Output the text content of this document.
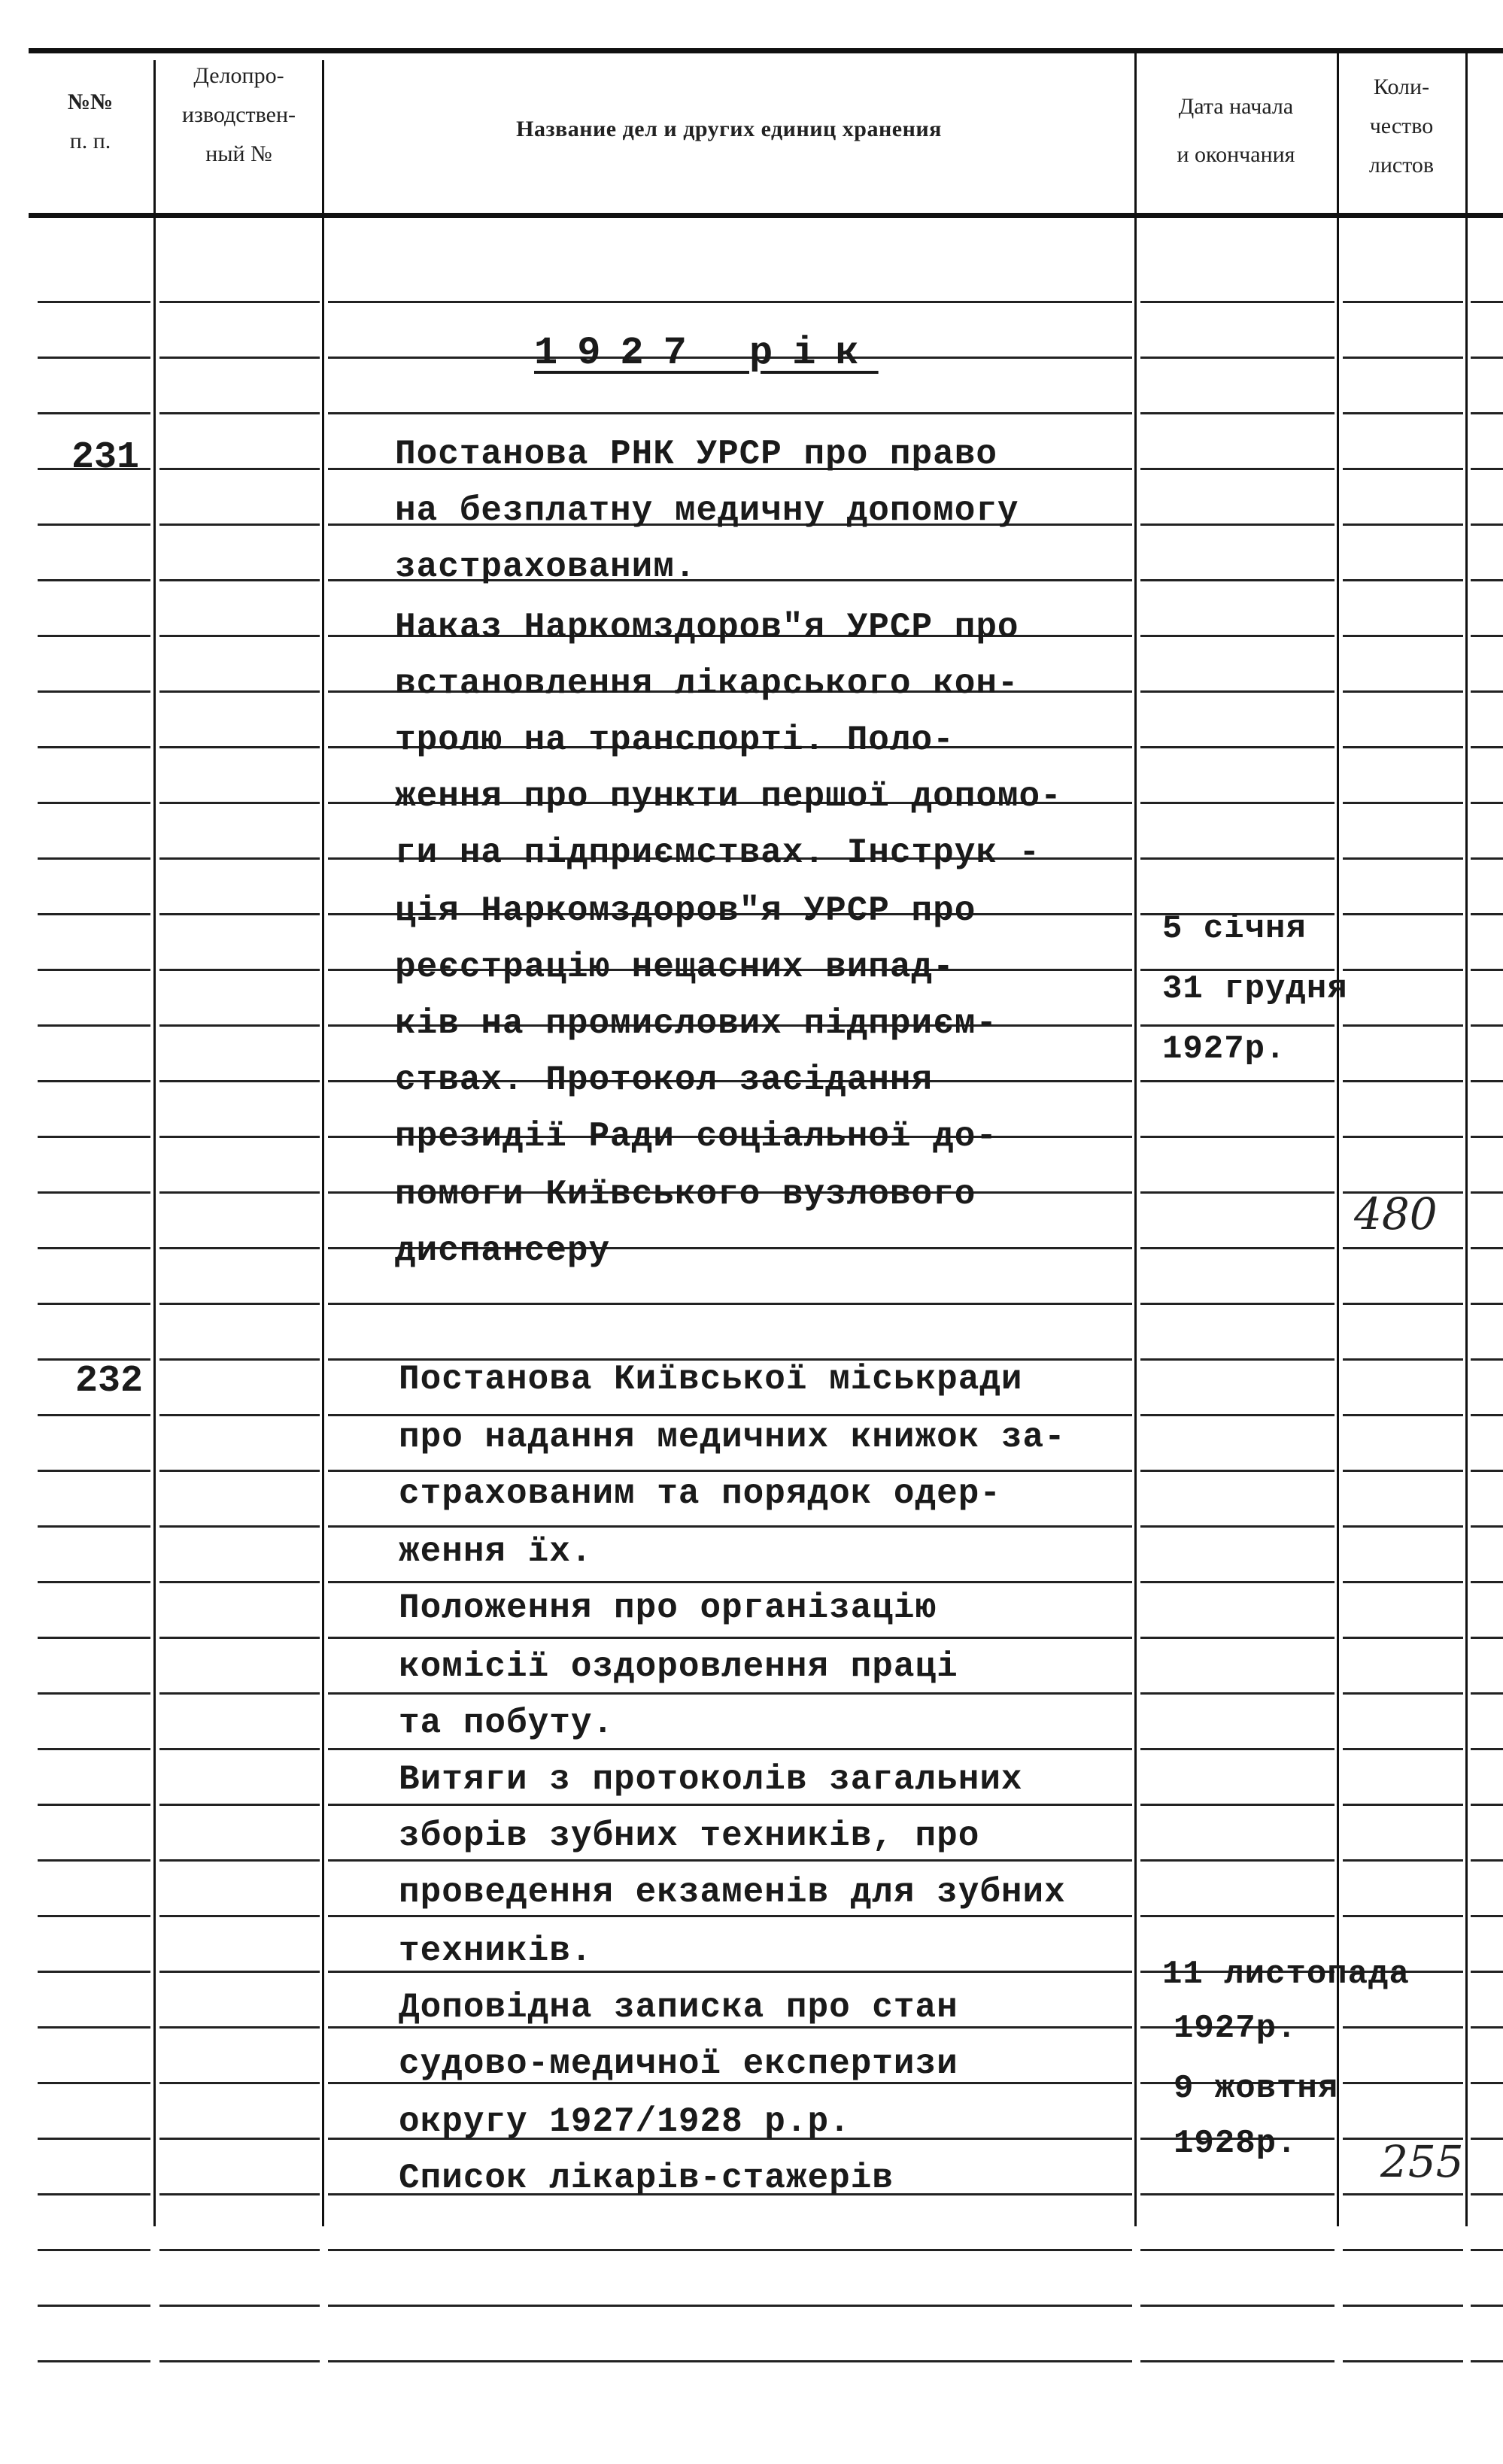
№№
п. п.
Делопро-
изводствен-
ный №
Название дел и других единиц хранения
Дата начала
и окончания
Коли-
чество
листов
1927 рік
231	Постанова РНК УРСР про право
на безплатну медичну допомогу
застрахованим.
Наказ Наркомздоров"я УРСР про
встановлення лікарського кон-
тролю на транспорті. Поло-
ження про пункти першої допомо-
ги на підприємствах. Інструк -
ція Наркомздоров"я УРСР про
реєстрацію нещасних випад-
ків на промислових підприєм-
ствах. Протокол засідання
президії Ради соціальної до-
помоги Київського вузлового
диспансеру
5 січня
31 грудня
1927р.
480
232	Постанова Київської міськради
про надання медичних книжок за-
страхованим та порядок одер-
ження їх.
Положення про організацію
комісії оздоровлення праці
та побуту.
Витяги з протоколів загальних
зборів зубних техників, про
проведення екзаменів для зубних
техників.
Доповідна записка про стан
судово-медичної експертизи
округу 1927/1928 р.р.
Список лікарів-стажерів
11 листопада
1927р.
9 жовтня
1928р. 255
